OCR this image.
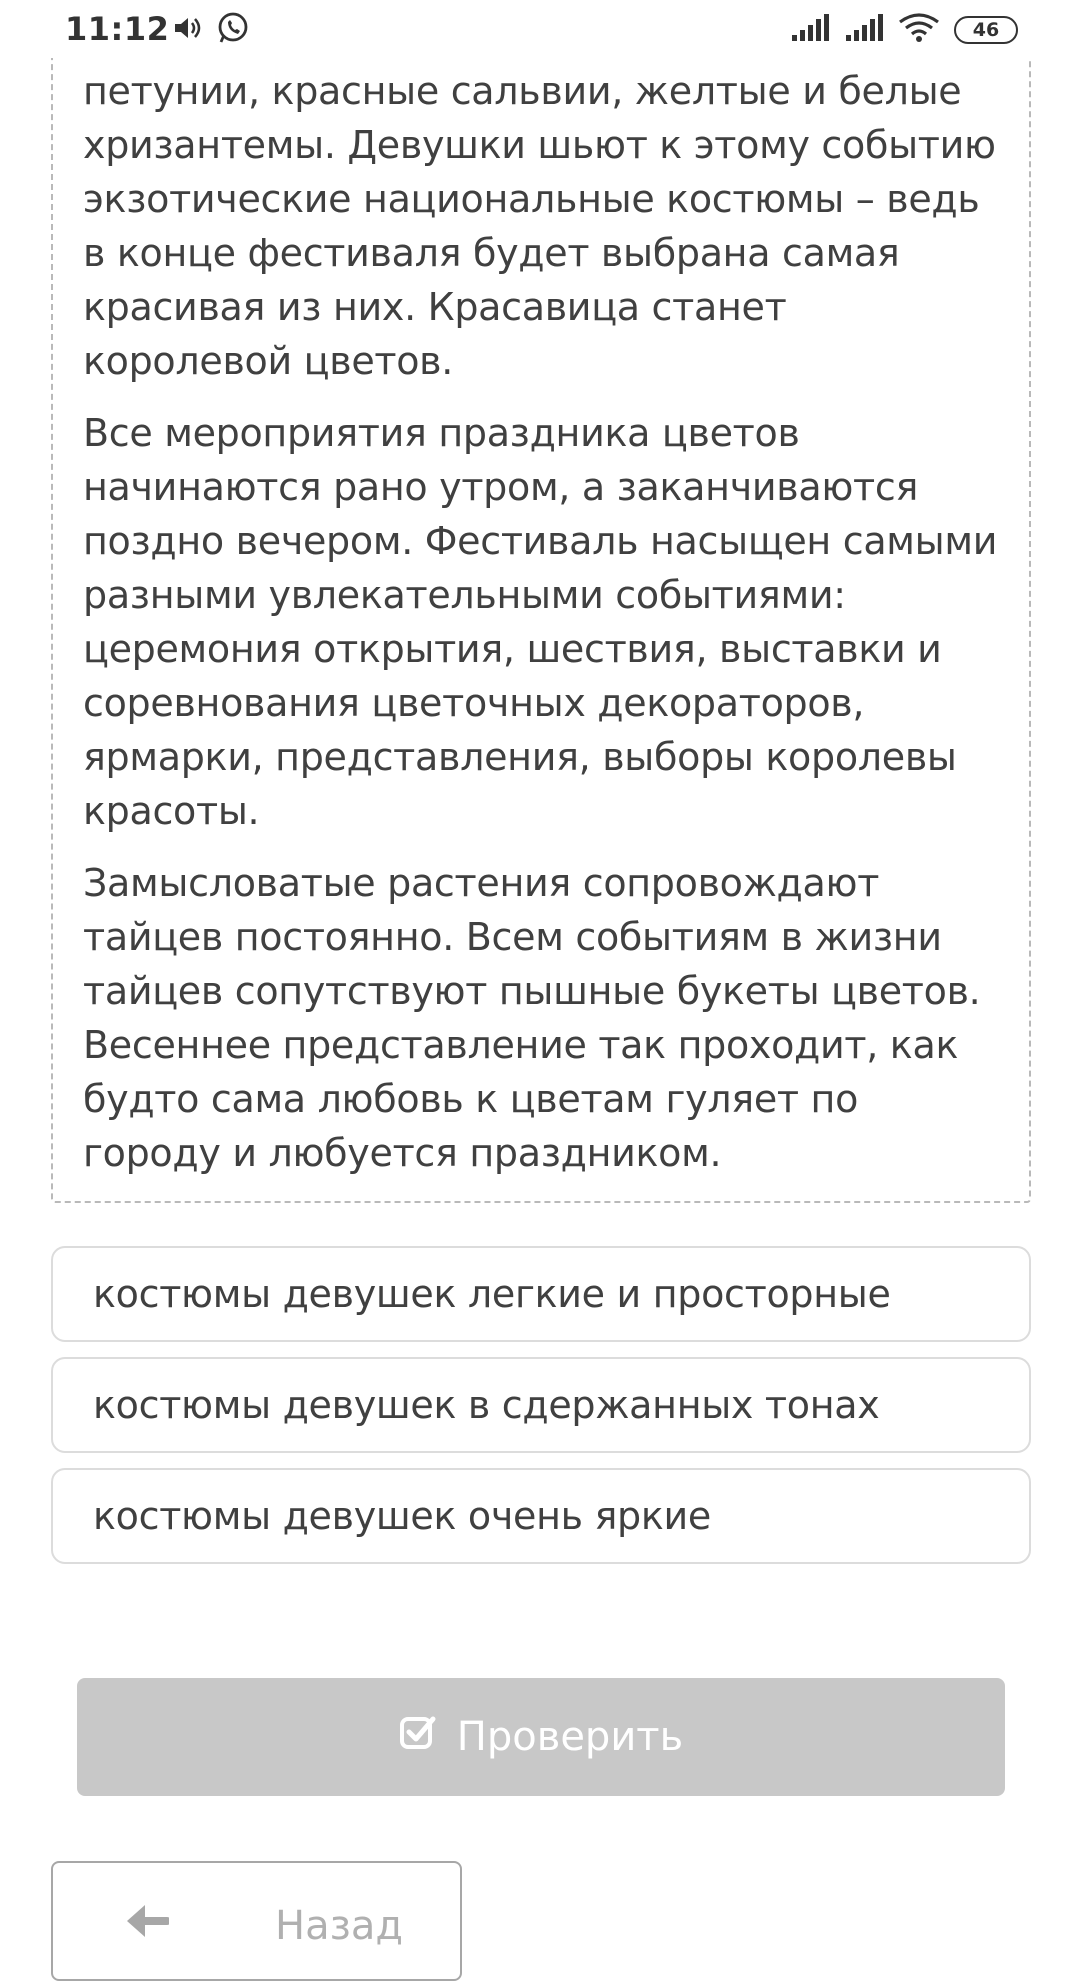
11:12	46

петунии, красные сальвии, желтые и белые хризантемы. Девушки шьют к этому событию экзотические национальные костюмы – ведь в конце фестиваля будет выбрана самая красивая из них. Красавица станет королевой цветов.

Все мероприятия праздника цветов начинаются рано утром, а заканчиваются поздно вечером. Фестиваль насыщен самыми разными увлекательными событиями: церемония открытия, шествия, выставки и соревнования цветочных декораторов, ярмарки, представления, выборы королевы красоты.

Замысловатые растения сопровождают тайцев постоянно. Всем событиям в жизни тайцев сопутствуют пышные букеты цветов. Весеннее представление так проходит, как будто сама любовь к цветам гуляет по городу и любуется праздником.

костюмы девушек легкие и просторные
костюмы девушек в сдержанных тонах
костюмы девушек очень яркие
Проверить
Назад
